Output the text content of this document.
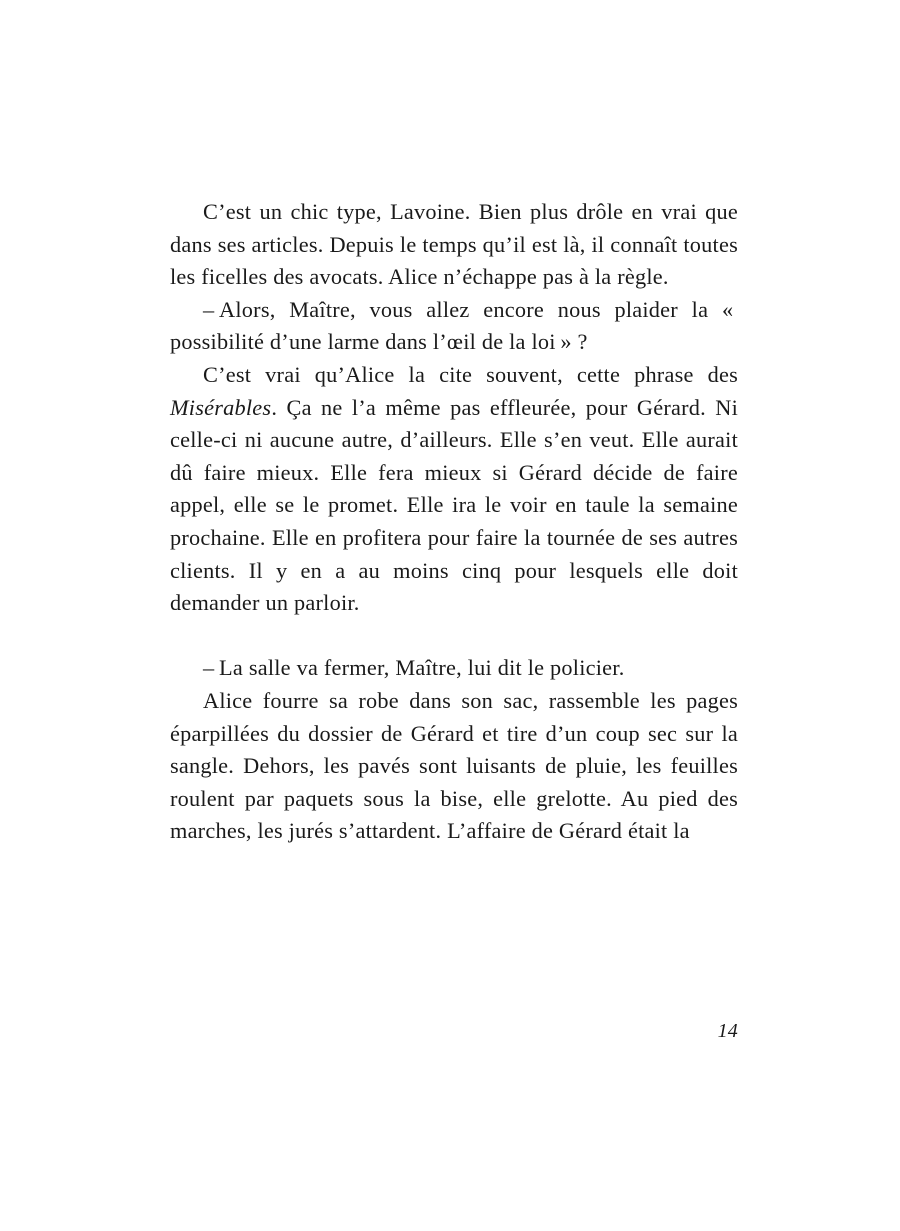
C’est un chic type, Lavoine. Bien plus drôle en vrai que dans ses articles. Depuis le temps qu’il est là, il connaît toutes les ficelles des avocats. Alice n’échappe pas à la règle.

– Alors, Maître, vous allez encore nous plaider la « possibilité d’une larme dans l’œil de la loi » ?

C’est vrai qu’Alice la cite souvent, cette phrase des Misérables. Ça ne l’a même pas effleurée, pour Gérard. Ni celle-ci ni aucune autre, d’ailleurs. Elle s’en veut. Elle aurait dû faire mieux. Elle fera mieux si Gérard décide de faire appel, elle se le promet. Elle ira le voir en taule la semaine prochaine. Elle en profitera pour faire la tournée de ses autres clients. Il y en a au moins cinq pour lesquels elle doit demander un parloir.

– La salle va fermer, Maître, lui dit le policier.

Alice fourre sa robe dans son sac, rassemble les pages éparpillées du dossier de Gérard et tire d’un coup sec sur la sangle. Dehors, les pavés sont luisants de pluie, les feuilles roulent par paquets sous la bise, elle grelotte. Au pied des marches, les jurés s’attardent. L’affaire de Gérard était la

14
